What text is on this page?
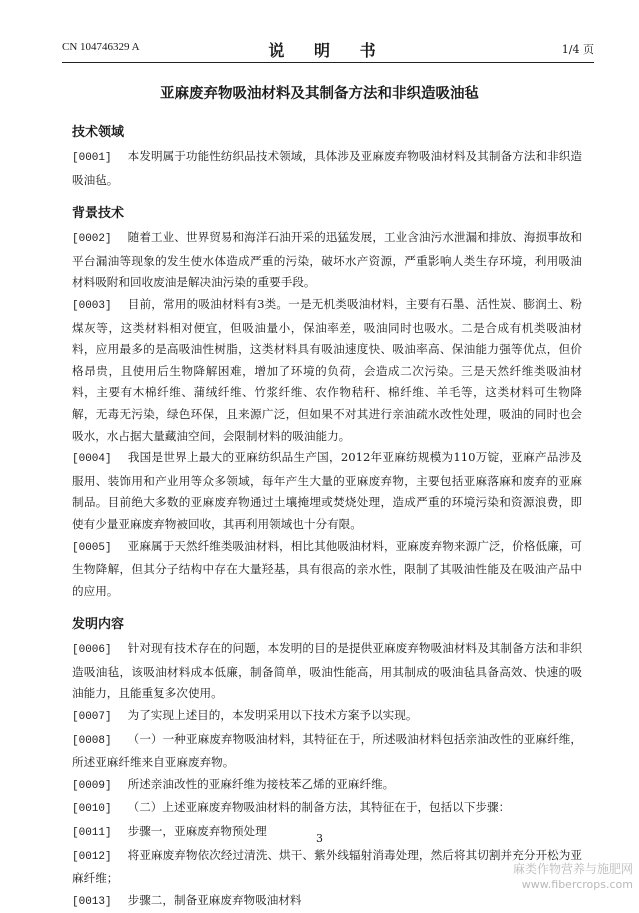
CN 104746329 A	说 明 书	1/4 页
亚麻废弃物吸油材料及其制备方法和非织造吸油毡
技术领域

[0001] 本发明属于功能性纺织品技术领域，具体涉及亚麻废弃物吸油材料及其制备方法和非织造吸油毡。

背景技术

[0002] 随着工业、世界贸易和海洋石油开采的迅猛发展，工业含油污水泄漏和排放、海损事故和平台漏油等现象的发生使水体造成严重的污染，破坏水产资源，严重影响人类生存环境，利用吸油材料吸附和回收废油是解决油污染的重要手段。

[0003] 目前，常用的吸油材料有3类。一是无机类吸油材料，主要有石墨、活性炭、膨润土、粉煤灰等，这类材料相对便宜，但吸油量小，保油率差，吸油同时也吸水。二是合成有机类吸油材料，应用最多的是高吸油性树脂，这类材料具有吸油速度快、吸油率高、保油能力强等优点，但价格昂贵，且使用后生物降解困难，增加了环境的负荷，会造成二次污染。三是天然纤维类吸油材料，主要有木棉纤维、蒲绒纤维、竹浆纤维、农作物秸秆、棉纤维、羊毛等，这类材料可生物降解，无毒无污染，绿色环保，且来源广泛，但如果不对其进行亲油疏水改性处理，吸油的同时也会吸水，水占据大量藏油空间，会限制材料的吸油能力。

[0004] 我国是世界上最大的亚麻纺织品生产国，2012年亚麻纺规模为110万锭，亚麻产品涉及服用、装饰用和产业用等众多领域，每年产生大量的亚麻废弃物，主要包括亚麻落麻和废弃的亚麻制品。目前绝大多数的亚麻废弃物通过土壤掩埋或焚烧处理，造成严重的环境污染和资源浪费，即使有少量亚麻废弃物被回收，其再利用领域也十分有限。

[0005] 亚麻属于天然纤维类吸油材料，相比其他吸油材料，亚麻废弃物来源广泛，价格低廉，可生物降解，但其分子结构中存在大量羟基，具有很高的亲水性，限制了其吸油性能及在吸油产品中的应用。

发明内容

[0006] 针对现有技术存在的问题，本发明的目的是提供亚麻废弃物吸油材料及其制备方法和非织造吸油毡，该吸油材料成本低廉，制备简单，吸油性能高，用其制成的吸油毡具备高效、快速的吸油能力，且能重复多次使用。

[0007] 为了实现上述目的，本发明采用以下技术方案予以实现。

[0008] （一）一种亚麻废弃物吸油材料，其特征在于，所述吸油材料包括亲油改性的亚麻纤维，所述亚麻纤维来自亚麻废弃物。

[0009] 所述亲油改性的亚麻纤维为接枝苯乙烯的亚麻纤维。

[0010] （二）上述亚麻废弃物吸油材料的制备方法，其特征在于，包括以下步骤：

[0011] 步骤一，亚麻废弃物预处理

[0012] 将亚麻废弃物依次经过清洗、烘干、紫外线辐射消毒处理，然后将其切割并充分开松为亚麻纤维；

[0013] 步骤二，制备亚麻废弃物吸油材料

3
麻类作物营养与施肥网
www.fibercrops.com
